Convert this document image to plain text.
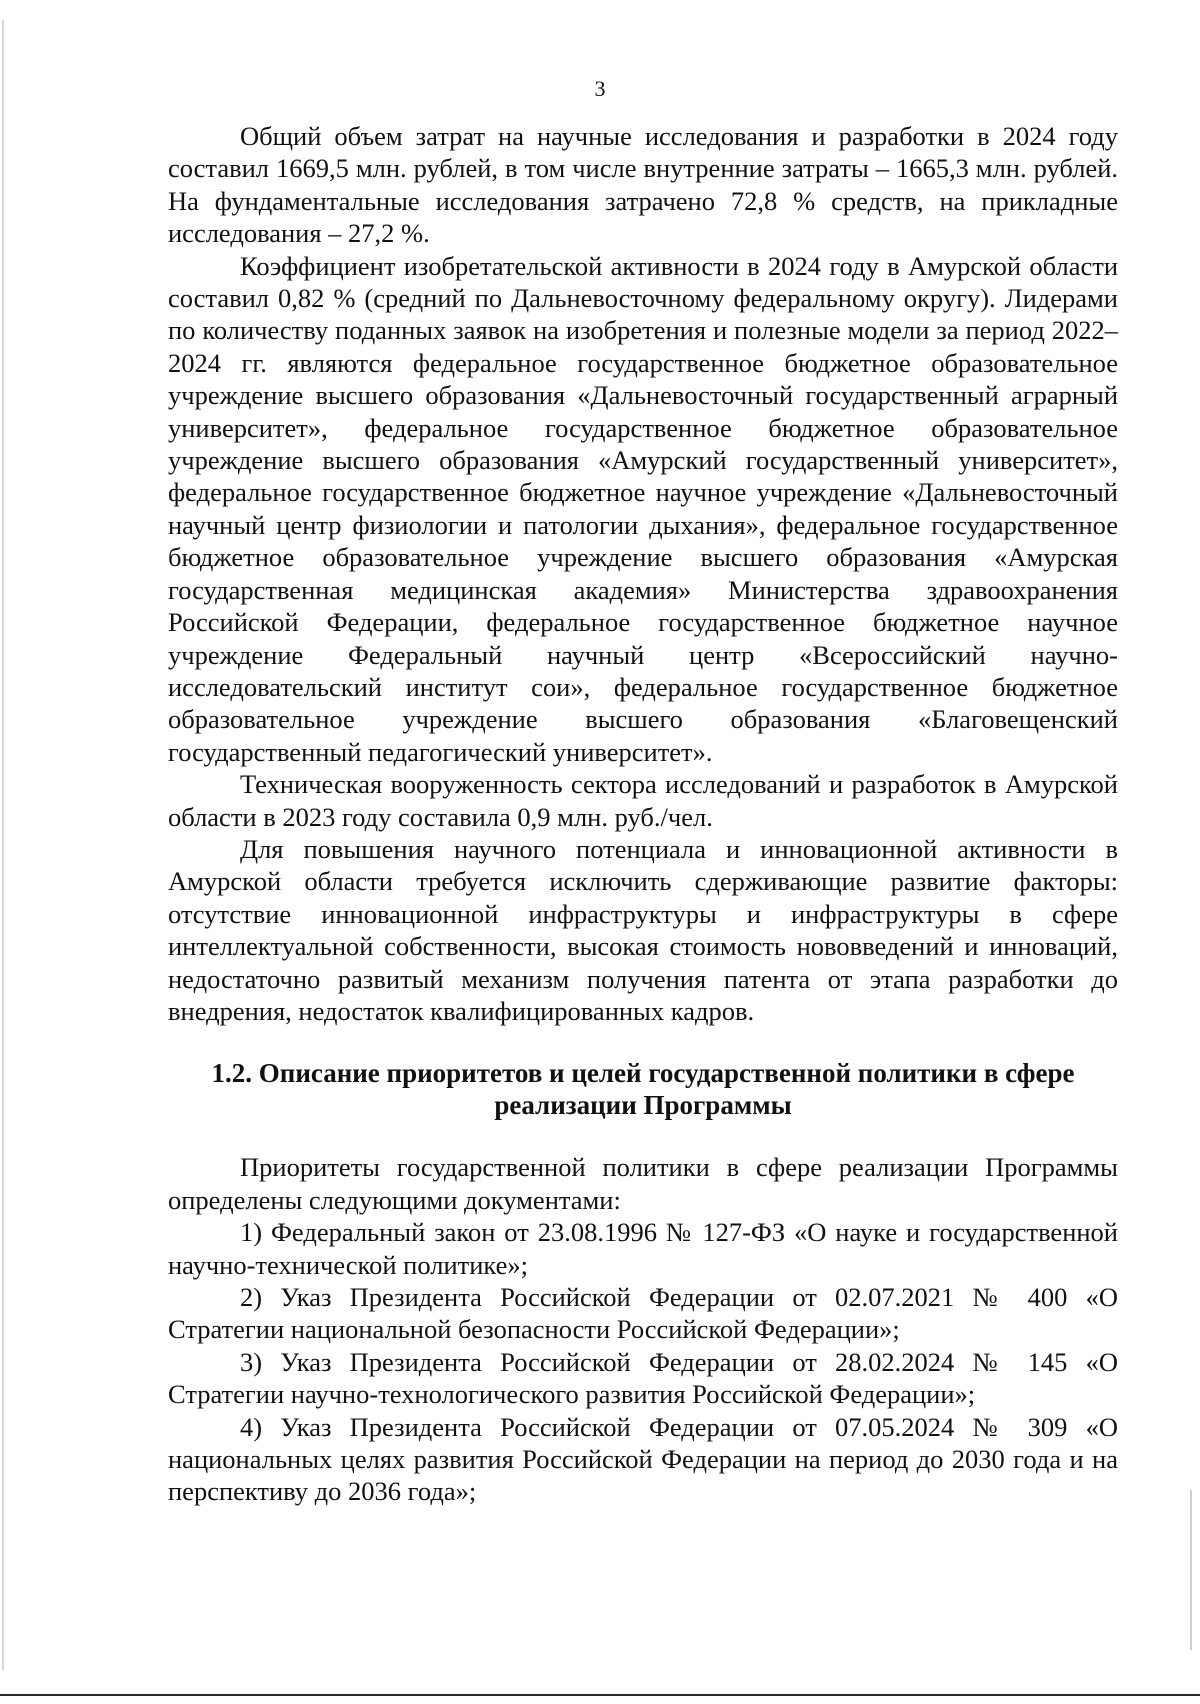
3

Общий объем затрат на научные исследования и разработки в 2024 году составил 1669,5 млн. рублей, в том числе внутренние затраты – 1665,3 млн. рублей. На фундаментальные исследования затрачено 72,8 % средств, на прикладные исследования – 27,2 %.

Коэффициент изобретательской активности в 2024 году в Амурской области составил 0,82 % (средний по Дальневосточному федеральному округу). Лидерами по количеству поданных заявок на изобретения и полезные модели за период 2022–2024 гг. являются федеральное государственное бюджетное образовательное учреждение высшего образования «Дальневосточный государственный аграрный университет», федеральное государственное бюджетное образовательное учреждение высшего образования «Амурский государственный университет», федеральное государственное бюджетное научное учреждение «Дальневосточный научный центр физиологии и патологии дыхания», федеральное государственное бюджетное образовательное учреждение высшего образования «Амурская государственная медицинская академия» Министерства здравоохранения Российской Федерации, федеральное государственное бюджетное научное учреждение Федеральный научный центр «Всероссийский научно-исследовательский институт сои», федеральное государственное бюджетное образовательное учреждение высшего образования «Благовещенский государственный педагогический университет».

Техническая вооруженность сектора исследований и разработок в Амурской области в 2023 году составила 0,9 млн. руб./чел.

Для повышения научного потенциала и инновационной активности в Амурской области требуется исключить сдерживающие развитие факторы: отсутствие инновационной инфраструктуры и инфраструктуры в сфере интеллектуальной собственности, высокая стоимость нововведений и инноваций, недостаточно развитый механизм получения патента от этапа разработки до внедрения, недостаток квалифицированных кадров.

1.2. Описание приоритетов и целей государственной политики в сфере
реализации Программы

Приоритеты государственной политики в сфере реализации Программы определены следующими документами:

1) Федеральный закон от 23.08.1996 № 127-ФЗ «О науке и государственной научно-технической политике»;

2) Указ Президента Российской Федерации от 02.07.2021 № 400 «О Стратегии национальной безопасности Российской Федерации»;

3) Указ Президента Российской Федерации от 28.02.2024 № 145 «О Стратегии научно-технологического развития Российской Федерации»;

4) Указ Президента Российской Федерации от 07.05.2024 № 309 «О национальных целях развития Российской Федерации на период до 2030 года и на перспективу до 2036 года»;
